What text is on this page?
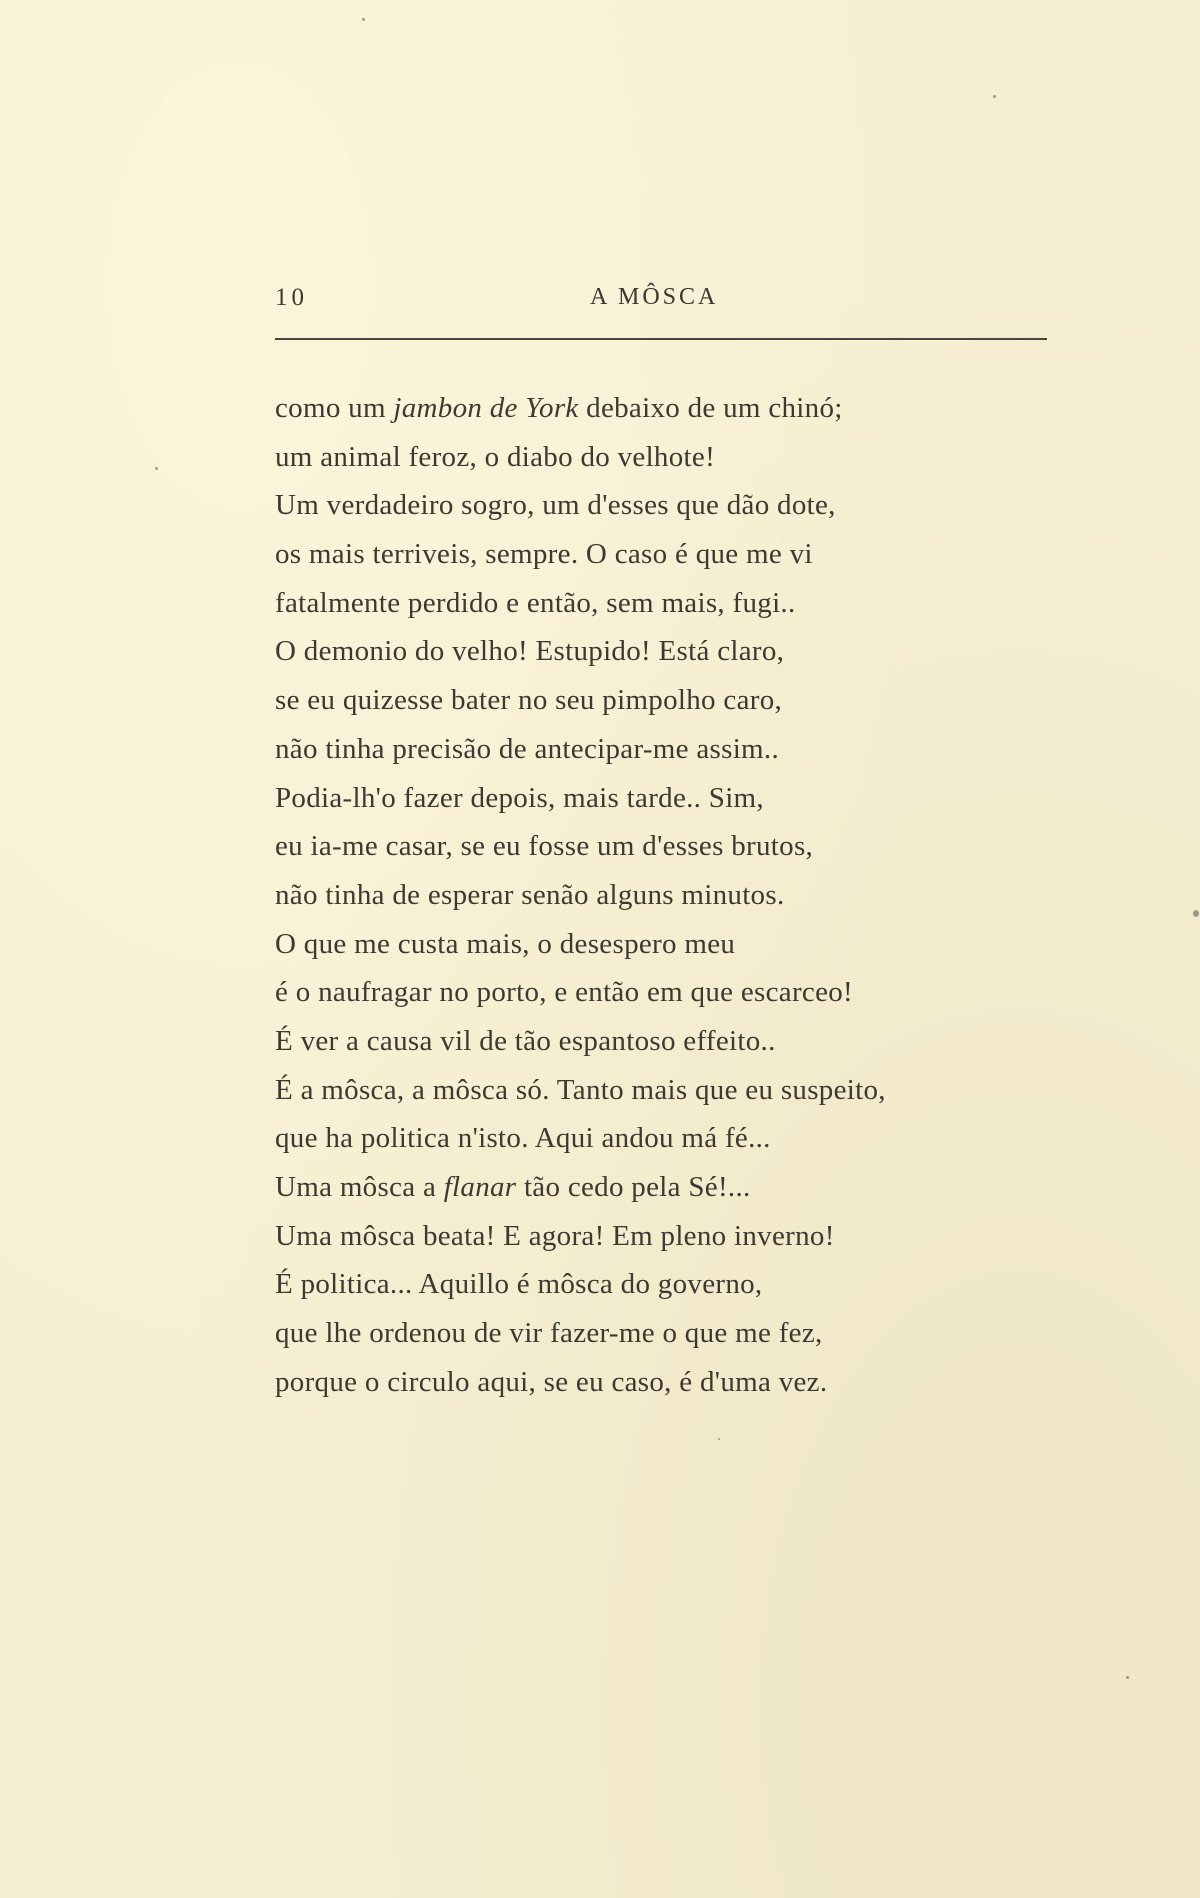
10	A MÔSCA
como um jambon de York debaixo de um chinó;
um animal feroz, o diabo do velhote!
Um verdadeiro sogro, um d'esses que dão dote,
os mais terriveis, sempre. O caso é que me vi
fatalmente perdido e então, sem mais, fugi..
O demonio do velho! Estupido! Está claro,
se eu quizesse bater no seu pimpolho caro,
não tinha precisão de antecipar-me assim..
Podia-lh'o fazer depois, mais tarde.. Sim,
eu ia-me casar, se eu fosse um d'esses brutos,
não tinha de esperar senão alguns minutos.
O que me custa mais, o desespero meu
é o naufragar no porto, e então em que escarceo!
É ver a causa vil de tão espantoso effeito..
É a môsca, a môsca só. Tanto mais que eu suspeito,
que ha politica n'isto. Aqui andou má fé...
Uma môsca a flanar tão cedo pela Sé!...
Uma môsca beata! E agora! Em pleno inverno!
É politica... Aquillo é môsca do governo,
que lhe ordenou de vir fazer-me o que me fez,
porque o circulo aqui, se eu caso, é d'uma vez.
